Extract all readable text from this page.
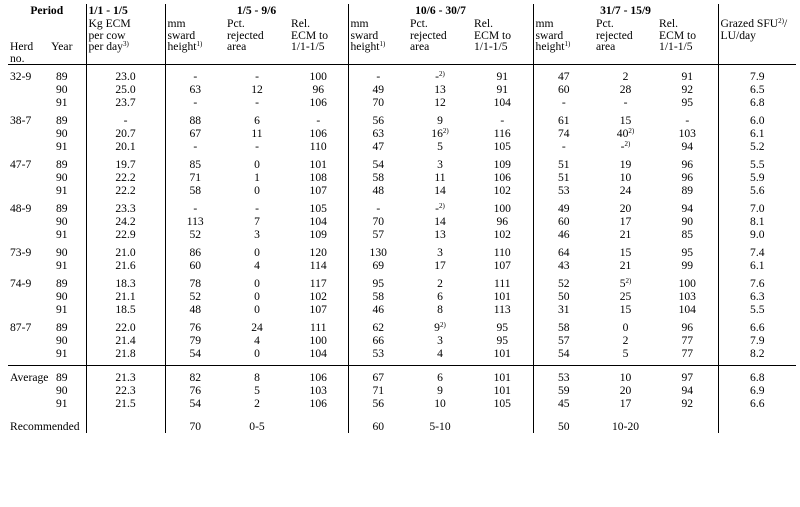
Period		1/1 - 1/5	1/5 - 9/6			10/6 - 30/7			31/7 - 15/9			

Herd
no.	Year	Kg ECM
per cow
per day$^{3)}$	mm
sward
height$^{1)}$	Pct.
rejected
area	Rel.
ECM to
1/1-1/5	mm
sward
height$^{1)}$	Pct.
rejected
area	Rel.
ECM to
1/1-1/5	mm
sward
height$^{1)}$	Pct.
rejected
area	Rel.
ECM to
1/1-1/5	Grazed SFU$^{2)}$/
LU/day

32-9	89	23.0	-	-	100	-	-$^{2)}$	91	47	2	91	7.9
	90	25.0	63	12	96	49	13	91	60	28	92	6.5
	91	23.7	-	-	106	70	12	104	-	-	95	6.8

38-7	89	-	88	6	-	56	9	-	61	15	-	6.0
	90	20.7	67	11	106	63	16$^{2)}$	116	74	40$^{2)}$	103	6.1
	91	20.1	-	-	110	47	5	105	-	-$^{2)}$	94	5.2

47-7	89	19.7	85	0	101	54	3	109	51	19	96	5.5
	90	22.2	71	1	108	58	11	106	51	10	96	5.9
	91	22.2	58	0	107	48	14	102	53	24	89	5.6

48-9	89	23.3	-	-	105	-	-$^{2)}$	100	49	20	94	7.0
	90	24.2	113	7	104	70	14	96	60	17	90	8.1
	91	22.9	52	3	109	57	13	102	46	21	85	9.0

73-9	90	21.0	86	0	120	130	3	110	64	15	95	7.4
	91	21.6	60	4	114	69	17	107	43	21	99	6.1

74-9	89	18.3	78	0	117	95	2	111	52	5$^{2)}$	100	7.6
	90	21.1	52	0	102	58	6	101	50	25	103	6.3
	91	18.5	48	0	107	46	8	113	31	15	104	5.5

87-7	89	22.0	76	24	111	62	9$^{2)}$	95	58	0	96	6.6
	90	21.4	79	4	100	66	3	95	57	2	77	7.9
	91	21.8	54	0	104	53	4	101	54	5	77	8.2

Average	89	21.3	82	8	106	67	6	101	53	10	97	6.8
	90	22.3	76	5	103	71	9	101	59	20	94	6.9
	91	21.5	54	2	106	56	10	105	45	17	92	6.6

Recommended			70	0-5		60	5-10		50	10-20		
